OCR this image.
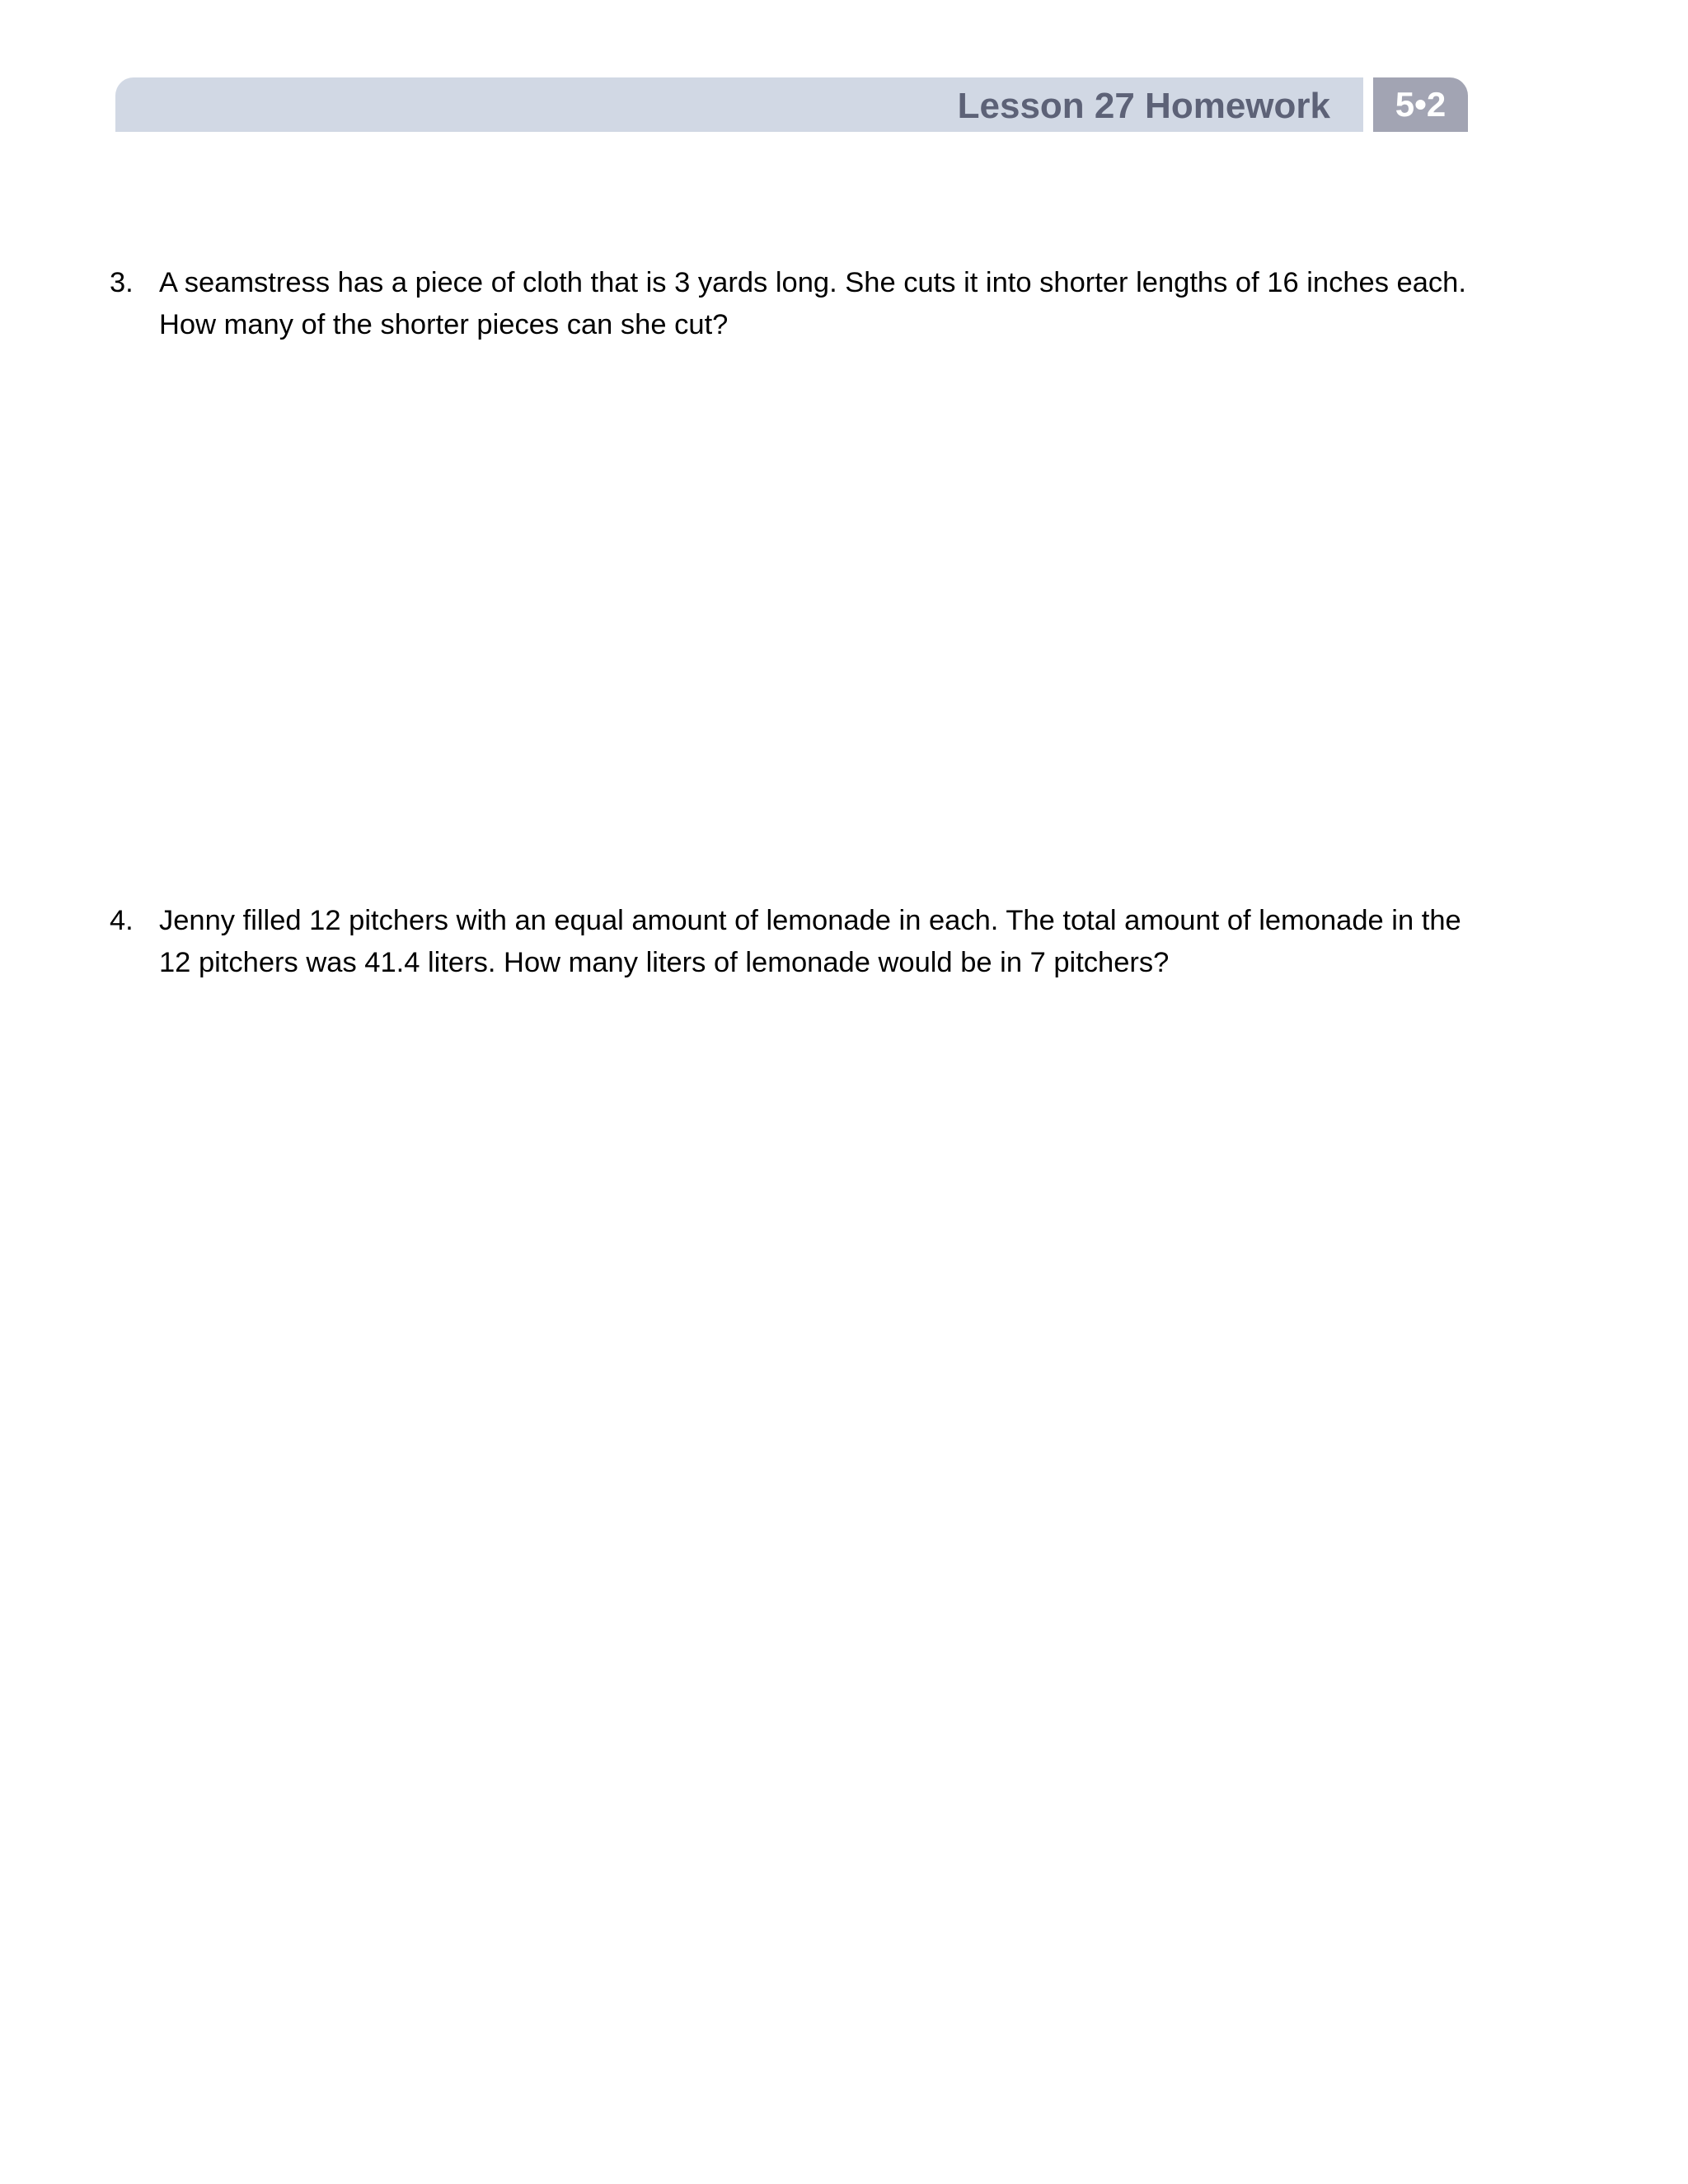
Lesson 27 Homework	5•2
3. A seamstress has a piece of cloth that is 3 yards long. She cuts it into shorter lengths of 16 inches each.
How many of the shorter pieces can she cut?
4. Jenny filled 12 pitchers with an equal amount of lemonade in each. The total amount of lemonade in the
12 pitchers was 41.4 liters. How many liters of lemonade would be in 7 pitchers?
